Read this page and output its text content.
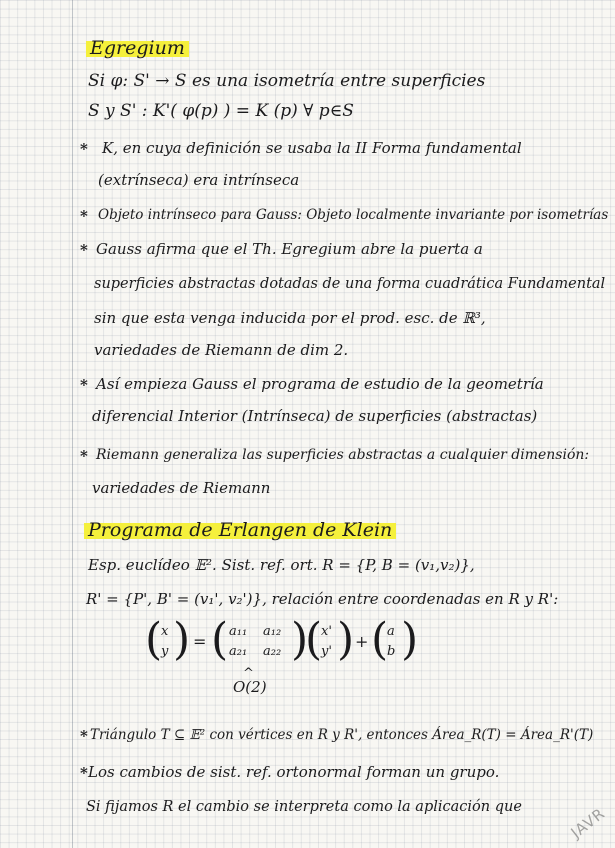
Egregium
Si φ: S' → S es una isometría entre superficies
S y S' : K'( φ(p) ) = K (p) ∀ p∈S
* K, en cuya definición se usaba la II Forma fundamental
(extrínseca) era intrínseca
* Objeto intrínseco para Gauss: Objeto localmente invariante por isometrías
* Gauss afirma que el Th. Egregium abre la puerta a
superficies abstractas dotadas de una forma cuadrática Fundamental
sin que esta venga inducida por el prod. esc. de ℝ³,
variedades de Riemann de dim 2.
* Así empieza Gauss el programa de estudio de la geometría
diferencial Interior (Intrínseca) de superficies (abstractas)
* Riemann generaliza las superficies abstractas a cualquier dimensión:
variedades de Riemann
Programa de Erlangen de Klein
Esp. euclídeo 𝔼². Sist. ref. ort. R = {P, B = (v₁,v₂)},
R' = {P', B' = (v₁', v₂')}, relación entre coordenadas en R y R':
(
x
y ) = ( a₁₁ a₁₂
a₂₁ a₂₂ )
(
x'
y' ) + (
a
b )
^
O(2)
* Triángulo T ⊆ 𝔼² con vértices en R y R', entonces Área_R(T) = Área_R'(T)
* Los cambios de sist. ref. ortonormal forman un grupo.
Si fijamos R el cambio se interpreta como la aplicación que	JAVR
